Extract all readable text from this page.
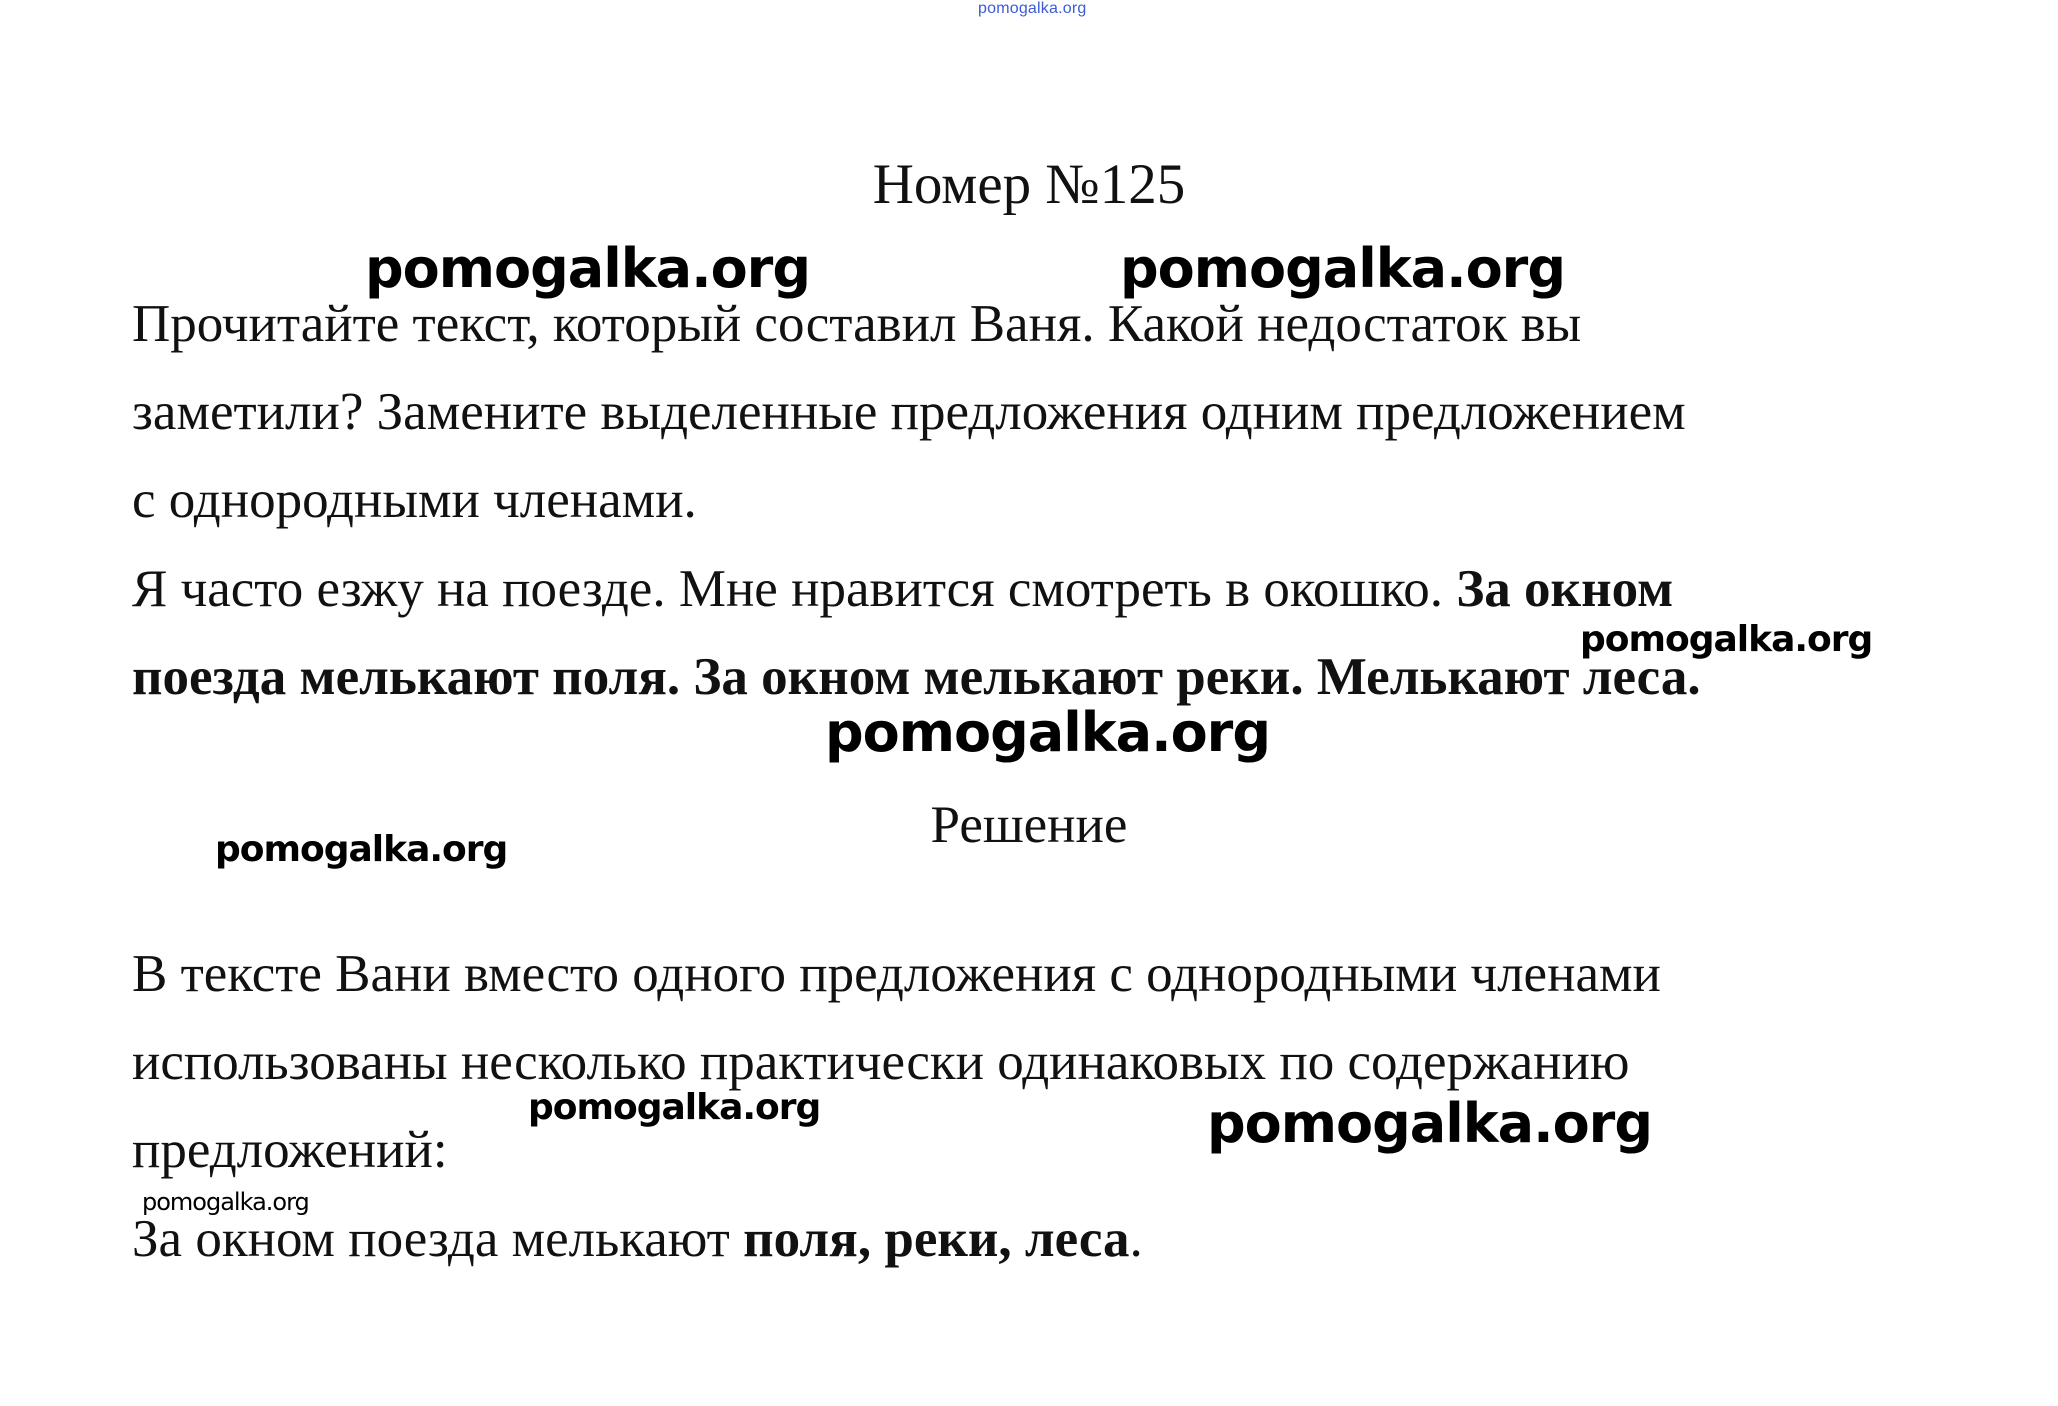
pomogalka.org
Номер №125
Прочитайте текст, который составил Ваня. Какой недостаток вы
заметили? Замените выделенные предложения одним предложением
с однородными членами.
Я часто езжу на поезде. Мне нравится смотреть в окошко. За окном
поезда мелькают поля. За окном мелькают реки. Мелькают леса.
Решение
В тексте Вани вместо одного предложения с однородными членами
использованы несколько практически одинаковых по содержанию
предложений:
За окном поезда мелькают поля, реки, леса.
pomogalka.org	pomogalka.org
pomogalka.org
pomogalka.org
pomogalka.org
pomogalka.org	pomogalka.org
pomogalka.org
